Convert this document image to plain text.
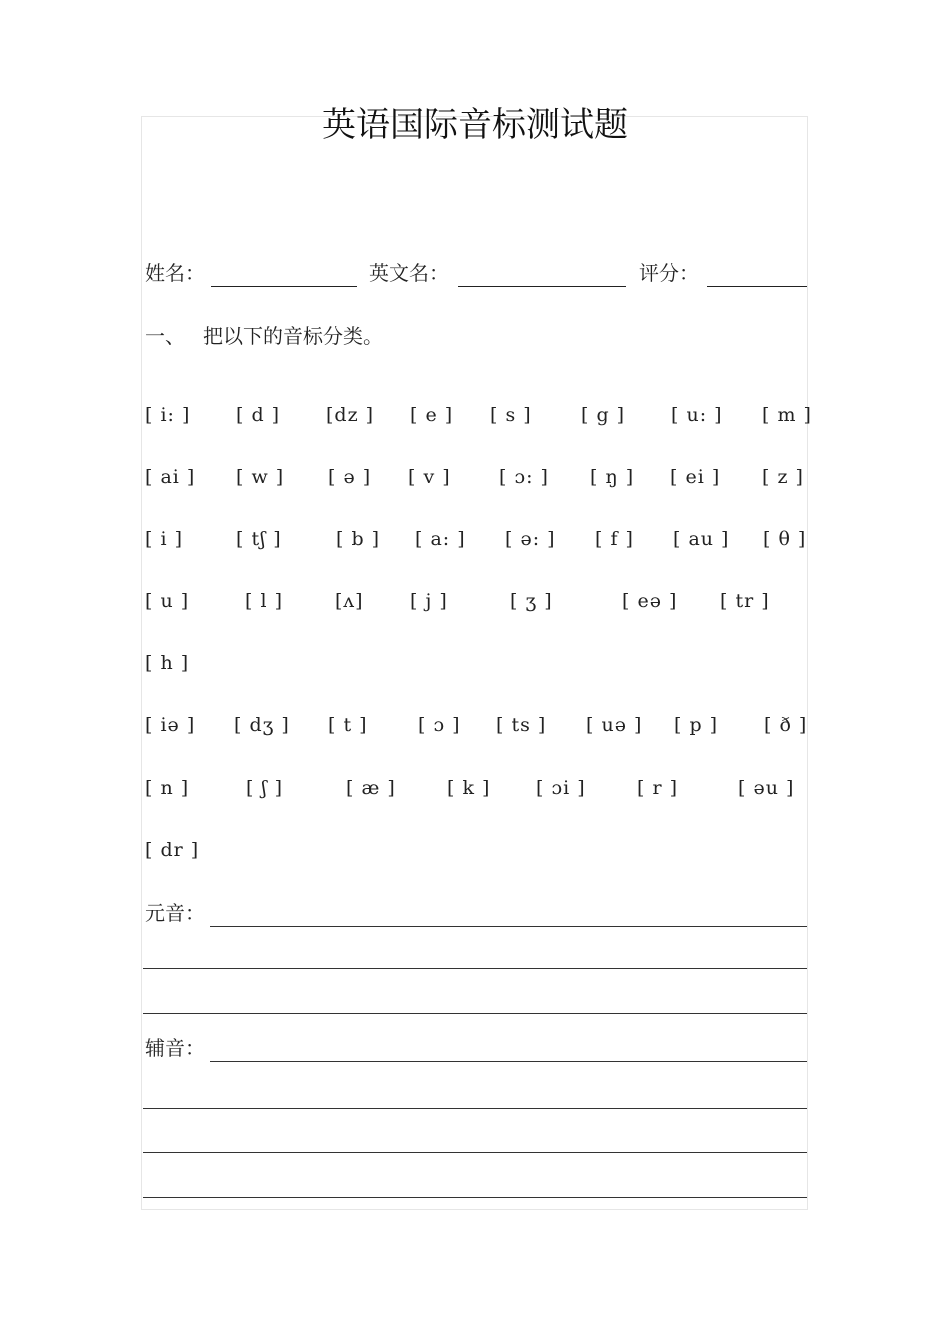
英语国际音标测试题
姓名：	英文名：	评分：
一、 把以下的音标分类。
[ i: ] [ d ] [dz ] [ e ] [ s ]	[ g ] [ u: ] [ m ]
[ ai ] [ w ] [ ə ] [ v ]	[ ɔ: ] [ ŋ ] [ ei ] [ z ]
[ i ]	[ tʃ ]	[ b ] [ a: ] [ ə: ] [ f ] [ au ] [ θ ]
[ u ]	[ l ]	[ʌ] [ j ]	[ ʒ ]	[ eə ] [ tr ]
[ h ]
[ iə ] [ dʒ ] [ t ]	[ ɔ ] [ ts ] [ uə ] [ p ] [ ð ]
[ n ]	[ ʃ ]	[ æ ]	[ k ] [ ɔi ]	[ r ]	[ əu ]
[ dr ]
元音：
辅音：
